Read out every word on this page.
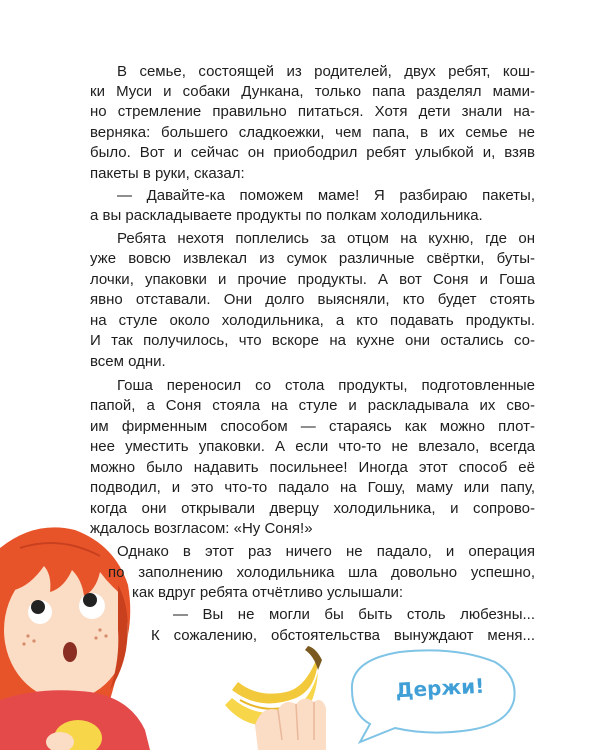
Держи!
В семье, состоящей из родителей, двух ребят, кош-
ки Муси и собаки Дункана, только папа разделял мами-
но стремление правильно питаться. Хотя дети знали на-
верняка: большего сладкоежки, чем папа, в их семье не
было. Вот и сейчас он приободрил ребят улыбкой и, взяв
пакеты в руки, сказал:
— Давайте-ка поможем маме! Я разбираю пакеты,
а вы раскладываете продукты по полкам холодильника.
Ребята нехотя поплелись за отцом на кухню, где он
уже вовсю извлекал из сумок различные свёртки, буты-
лочки, упаковки и прочие продукты. А вот Соня и Гоша
явно отставали. Они долго выясняли, кто будет стоять
на стуле около холодильника, а кто подавать продукты.
И так получилось, что вскоре на кухне они остались со-
всем одни.
Гоша переносил со стола продукты, подготовленные
папой, а Соня стояла на стуле и раскладывала их сво-
им фирменным способом — стараясь как можно плот-
нее уместить упаковки. А если что-то не влезало, всегда
можно было надавить посильнее! Иногда этот способ её
подводил, и это что-то падало на Гошу, маму или папу,
когда они открывали дверцу холодильника, и сопрово-
ждалось возгласом: «Ну Соня!»
Однако в этот раз ничего не падало, и операция
по заполнению холодильника шла довольно успешно,
как вдруг ребята отчётливо услышали:
— Вы не могли бы быть столь любезны...
К сожалению, обстоятельства вынуждают меня...
